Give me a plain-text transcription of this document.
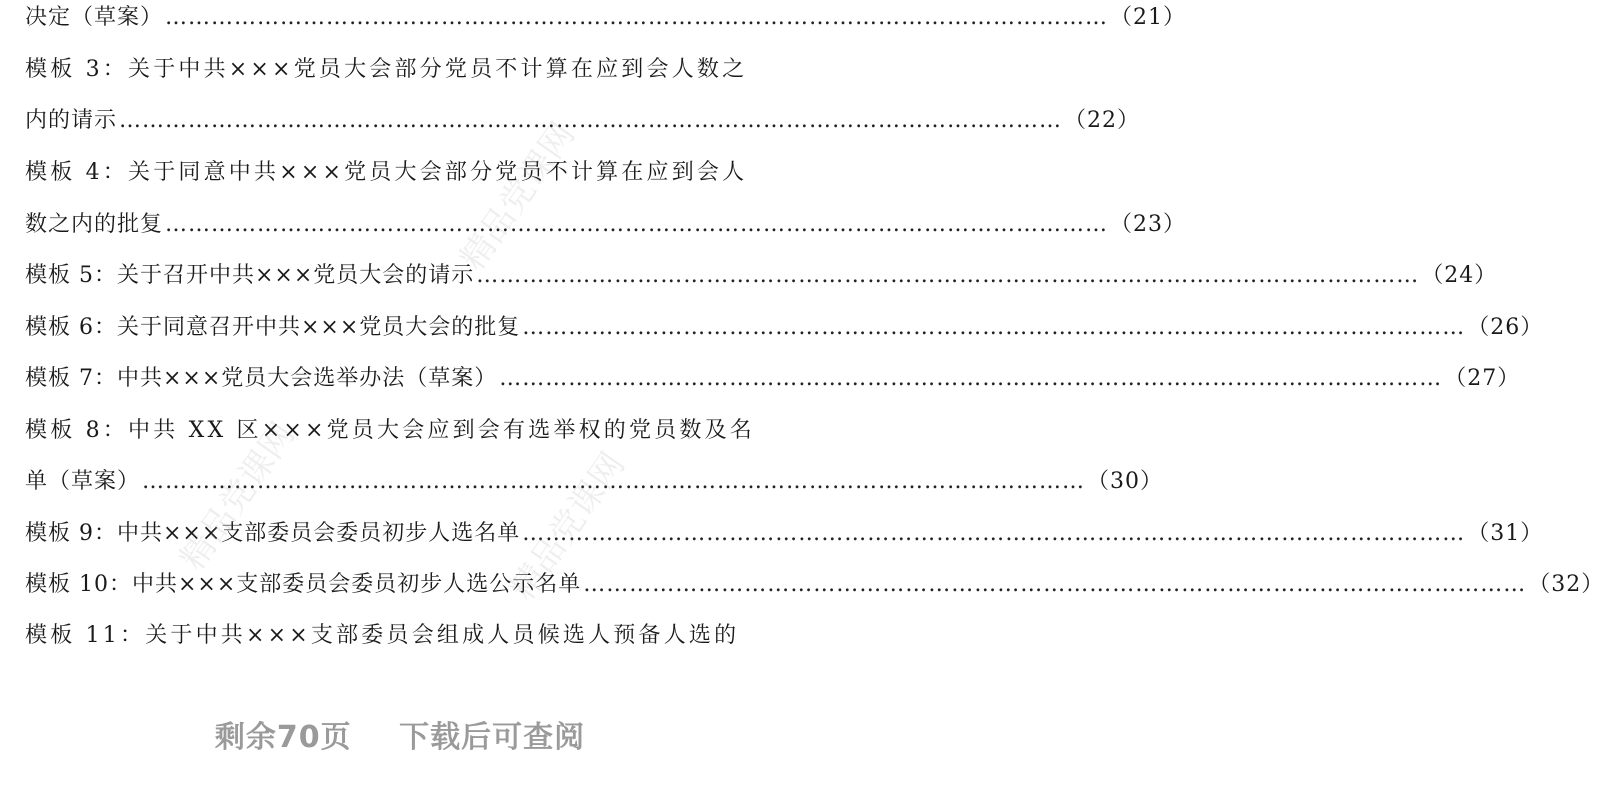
决定（草案） …………………………………………………………………………………………………………… （21）
模板 3：关于中共×××党员大会部分党员不计算在应到会人数之
内的请示 …………………………………………………………………………………………………………… （22）
模板 4：关于同意中共×××党员大会部分党员不计算在应到会人
数之内的批复 …………………………………………………………………………………………………………… （23）
模板 5：关于召开中共×××党员大会的请示 …………………………………………………………………………………………………………… （24）
模板 6：关于同意召开中共×××党员大会的批复 …………………………………………………………………………………………………………… （26）
模板 7：中共×××党员大会选举办法（草案） …………………………………………………………………………………………………………… （27）
模板 8：中共 XX 区×××党员大会应到会有选举权的党员数及名
单（草案） …………………………………………………………………………………………………………… （30）
模板 9：中共×××支部委员会委员初步人选名单 …………………………………………………………………………………………………………… （31）
模板 10：中共×××支部委员会委员初步人选公示名单 …………………………………………………………………………………………………………… （32）
模板 11：关于中共×××支部委员会组成人员候选人预备人选的
精品党课网
精品党课网
精品党课网
剩余70页 下载后可查阅
